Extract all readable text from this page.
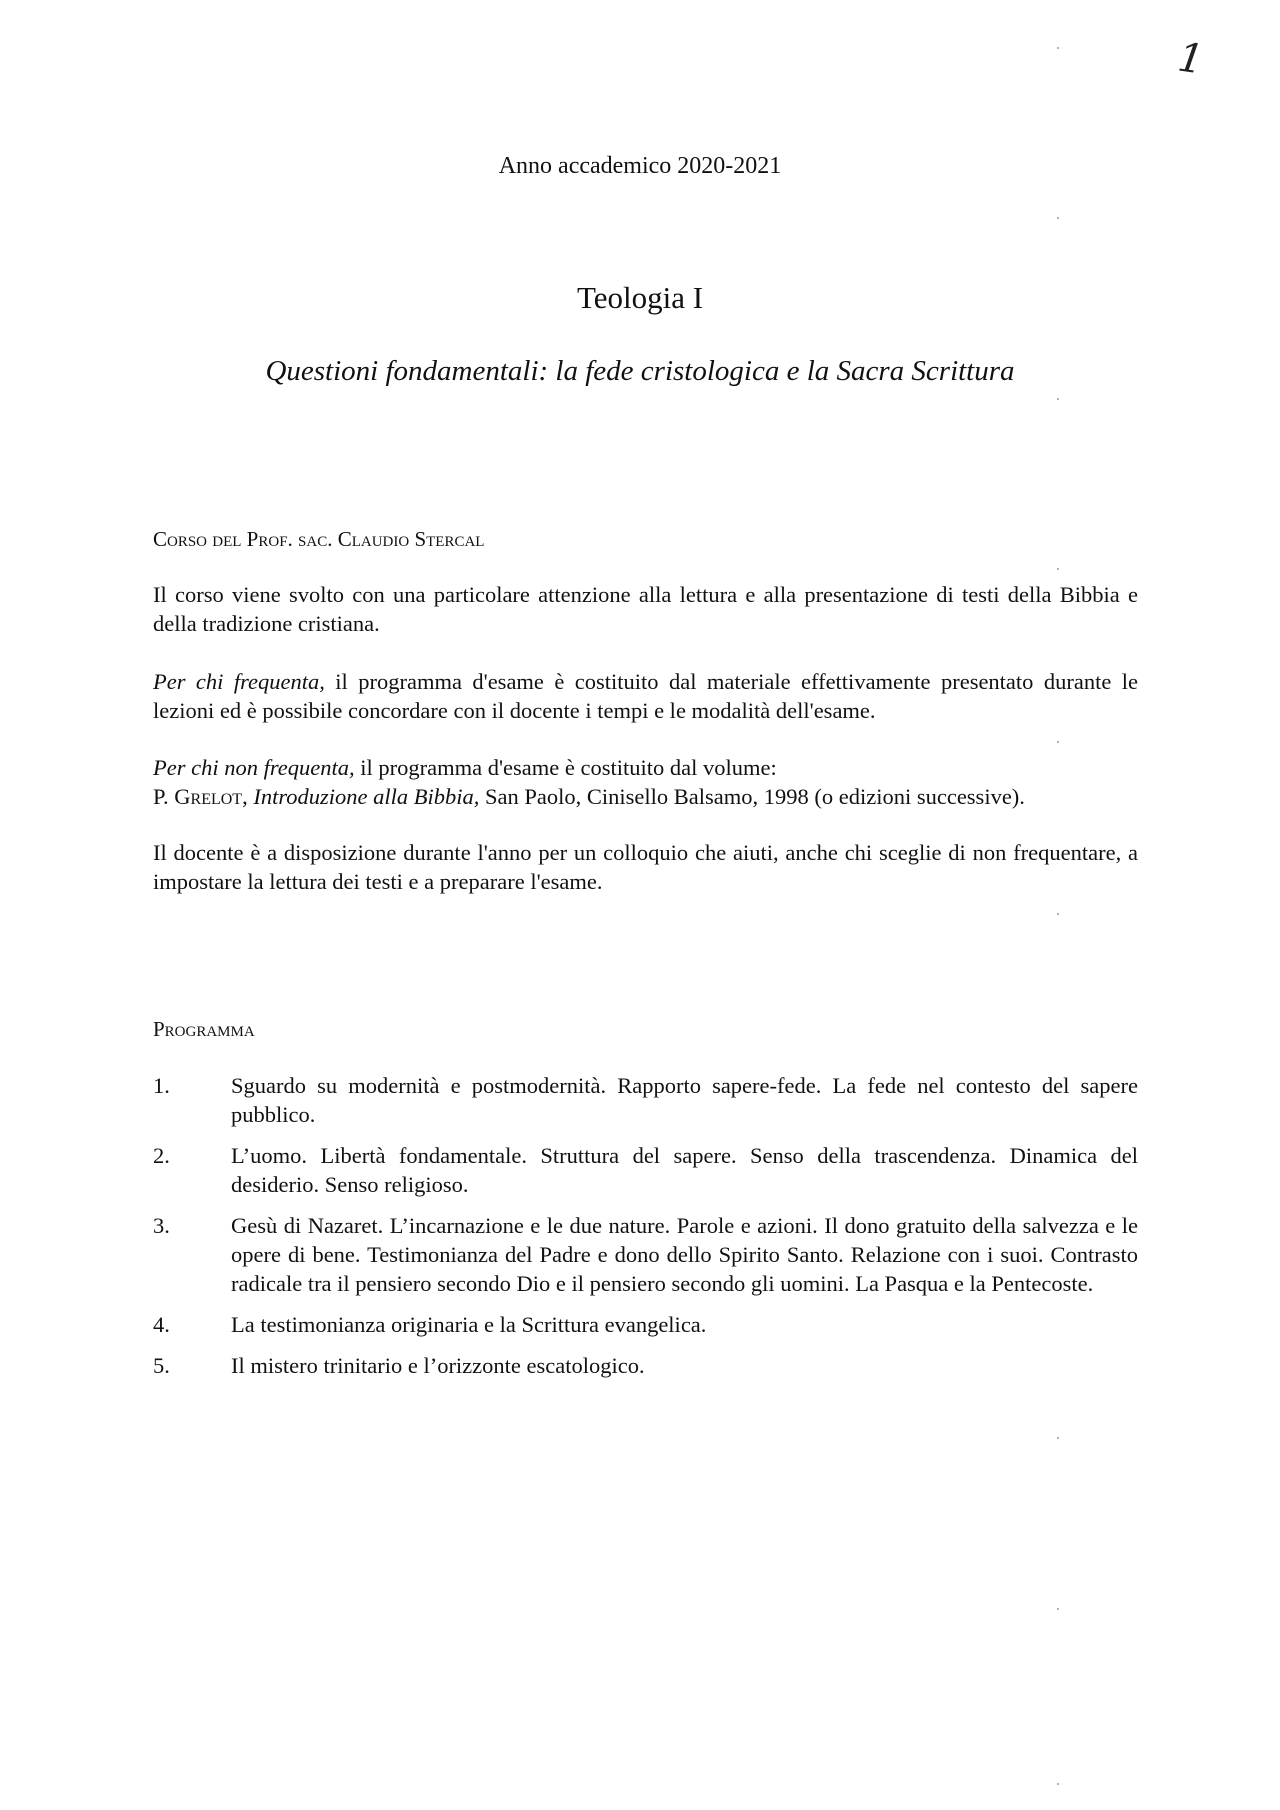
1
Anno accademico 2020-2021
Teologia I
Questioni fondamentali: la fede cristologica e la Sacra Scrittura
Corso del Prof. sac. Claudio Stercal
Il corso viene svolto con una particolare attenzione alla lettura e alla presentazione di testi della Bibbia e della tradizione cristiana.
Per chi frequenta, il programma d'esame è costituito dal materiale effettivamente presentato durante le lezioni ed è possibile concordare con il docente i tempi e le modalità dell'esame.
Per chi non frequenta, il programma d'esame è costituito dal volume:
P. Grelot, Introduzione alla Bibbia, San Paolo, Cinisello Balsamo, 1998 (o edizioni successive).
Il docente è a disposizione durante l'anno per un colloquio che aiuti, anche chi sceglie di non frequentare, a impostare la lettura dei testi e a preparare l'esame.
Programma
1.	Sguardo su modernità e postmodernità. Rapporto sapere-fede. La fede nel contesto del sapere pubblico.
2.	L’uomo. Libertà fondamentale. Struttura del sapere. Senso della trascendenza. Dinamica del desiderio. Senso religioso.
3.	Gesù di Nazaret. L’incarnazione e le due nature. Parole e azioni. Il dono gratuito della salvezza e le opere di bene. Testimonianza del Padre e dono dello Spirito Santo. Relazione con i suoi. Contrasto radicale tra il pensiero secondo Dio e il pensiero secondo gli uomini. La Pasqua e la Pentecoste.
4.	La testimonianza originaria e la Scrittura evangelica.
5.	Il mistero trinitario e l’orizzonte escatologico.
